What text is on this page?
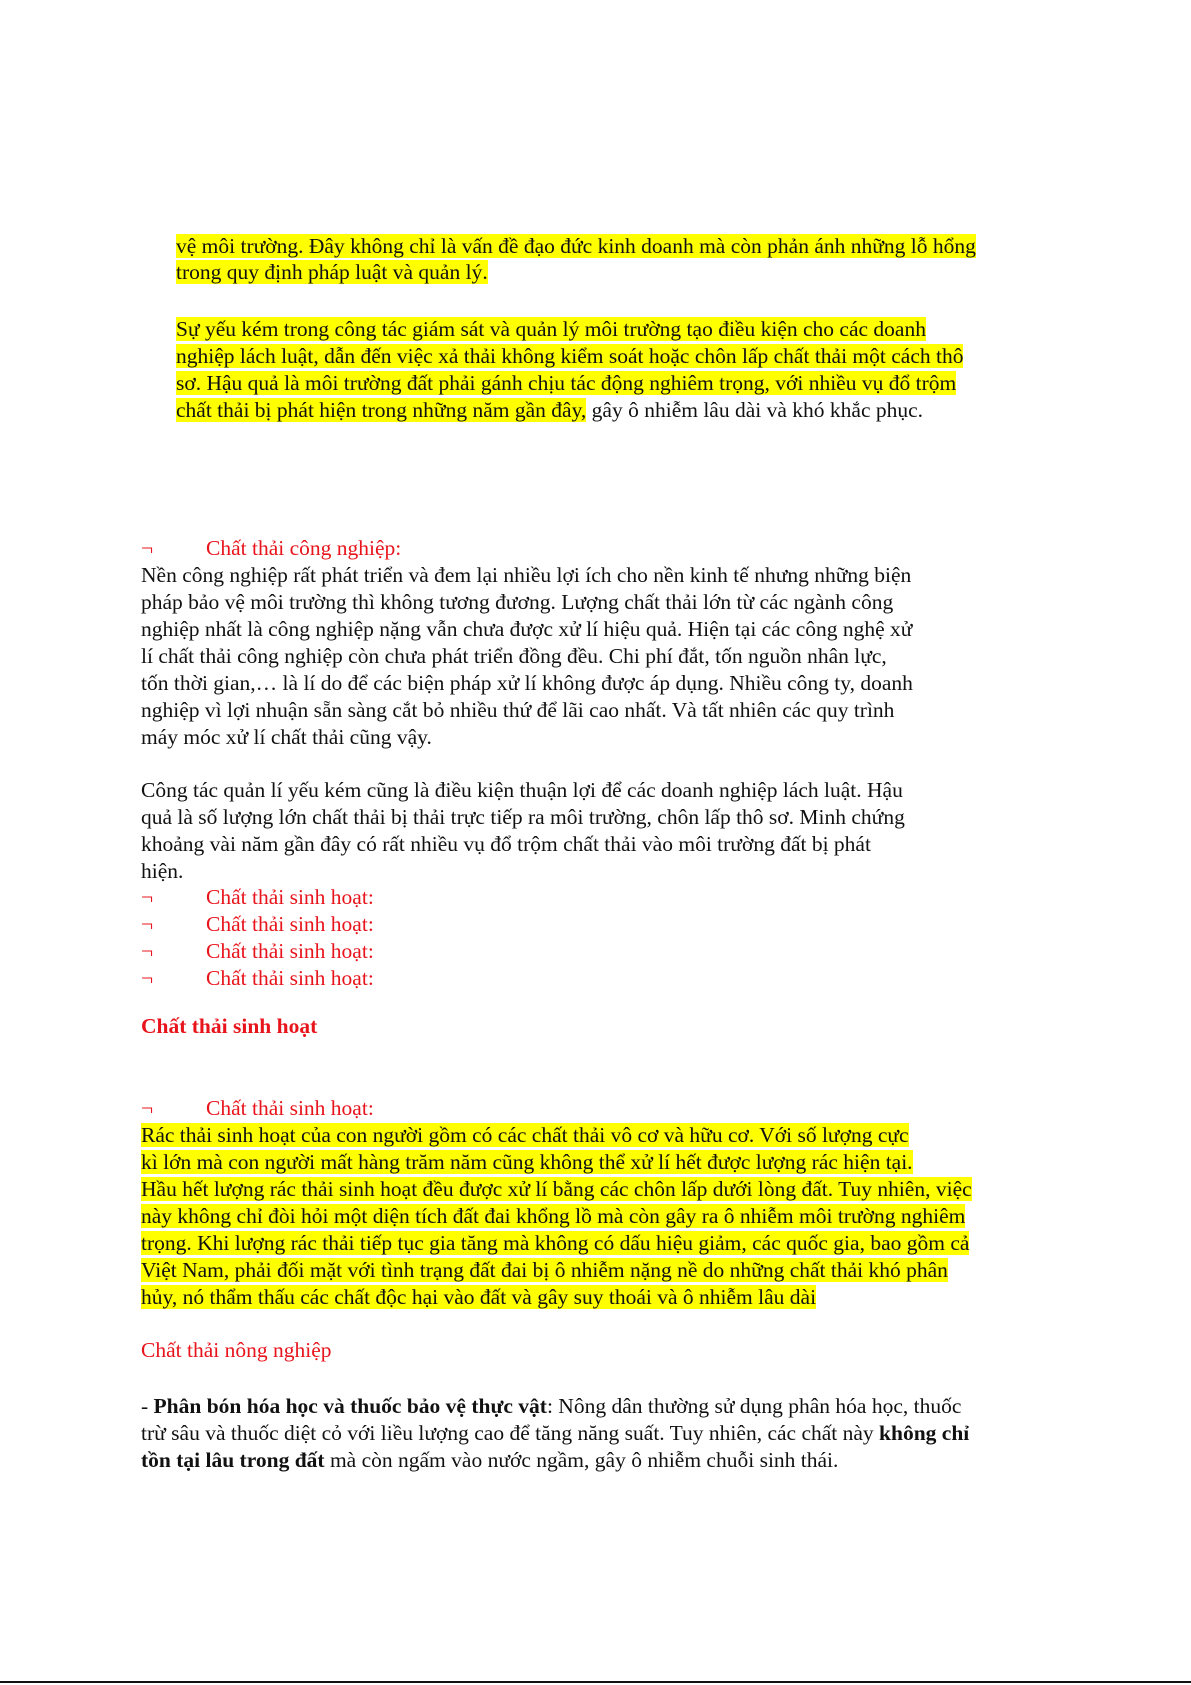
vệ môi trường. Đây không chỉ là vấn đề đạo đức kinh doanh mà còn phản ánh những lỗ hổng
trong quy định pháp luật và quản lý.
Sự yếu kém trong công tác giám sát và quản lý môi trường tạo điều kiện cho các doanh
nghiệp lách luật, dẫn đến việc xả thải không kiểm soát hoặc chôn lấp chất thải một cách thô
sơ. Hậu quả là môi trường đất phải gánh chịu tác động nghiêm trọng, với nhiều vụ đổ trộm
chất thải bị phát hiện trong những năm gần đây, gây ô nhiễm lâu dài và khó khắc phục.
¬ Chất thải công nghiệp:
Nền công nghiệp rất phát triển và đem lại nhiều lợi ích cho nền kinh tế nhưng những biện
pháp bảo vệ môi trường thì không tương đương. Lượng chất thải lớn từ các ngành công
nghiệp nhất là công nghiệp nặng vẫn chưa được xử lí hiệu quả. Hiện tại các công nghệ xử
lí chất thải công nghiệp còn chưa phát triển đồng đều. Chi phí đắt, tốn nguồn nhân lực,
tốn thời gian,… là lí do để các biện pháp xử lí không được áp dụng. Nhiều công ty, doanh
nghiệp vì lợi nhuận sẵn sàng cắt bỏ nhiều thứ để lãi cao nhất. Và tất nhiên các quy trình
máy móc xử lí chất thải cũng vậy.
Công tác quản lí yếu kém cũng là điều kiện thuận lợi để các doanh nghiệp lách luật. Hậu
quả là số lượng lớn chất thải bị thải trực tiếp ra môi trường, chôn lấp thô sơ. Minh chứng
khoảng vài năm gần đây có rất nhiều vụ đổ trộm chất thải vào môi trường đất bị phát
hiện.
¬ Chất thải sinh hoạt:
¬ Chất thải sinh hoạt:
¬ Chất thải sinh hoạt:
¬ Chất thải sinh hoạt:
Chất thải sinh hoạt
¬ Chất thải sinh hoạt:
Rác thải sinh hoạt của con người gồm có các chất thải vô cơ và hữu cơ. Với số lượng cực
kì lớn mà con người mất hàng trăm năm cũng không thể xử lí hết được lượng rác hiện tại.
Hầu hết lượng rác thải sinh hoạt đều được xử lí bằng các chôn lấp dưới lòng đất. Tuy nhiên, việc
này không chỉ đòi hỏi một diện tích đất đai khổng lồ mà còn gây ra ô nhiễm môi trường nghiêm
trọng. Khi lượng rác thải tiếp tục gia tăng mà không có dấu hiệu giảm, các quốc gia, bao gồm cả
Việt Nam, phải đối mặt với tình trạng đất đai bị ô nhiễm nặng nề do những chất thải khó phân
hủy, nó thẩm thấu các chất độc hại vào đất và gây suy thoái và ô nhiễm lâu dài
Chất thải nông nghiệp
- Phân bón hóa học và thuốc bảo vệ thực vật: Nông dân thường sử dụng phân hóa học, thuốc
trừ sâu và thuốc diệt cỏ với liều lượng cao để tăng năng suất. Tuy nhiên, các chất này không chỉ
tồn tại lâu trong đất mà còn ngấm vào nước ngầm, gây ô nhiễm chuỗi sinh thái.
